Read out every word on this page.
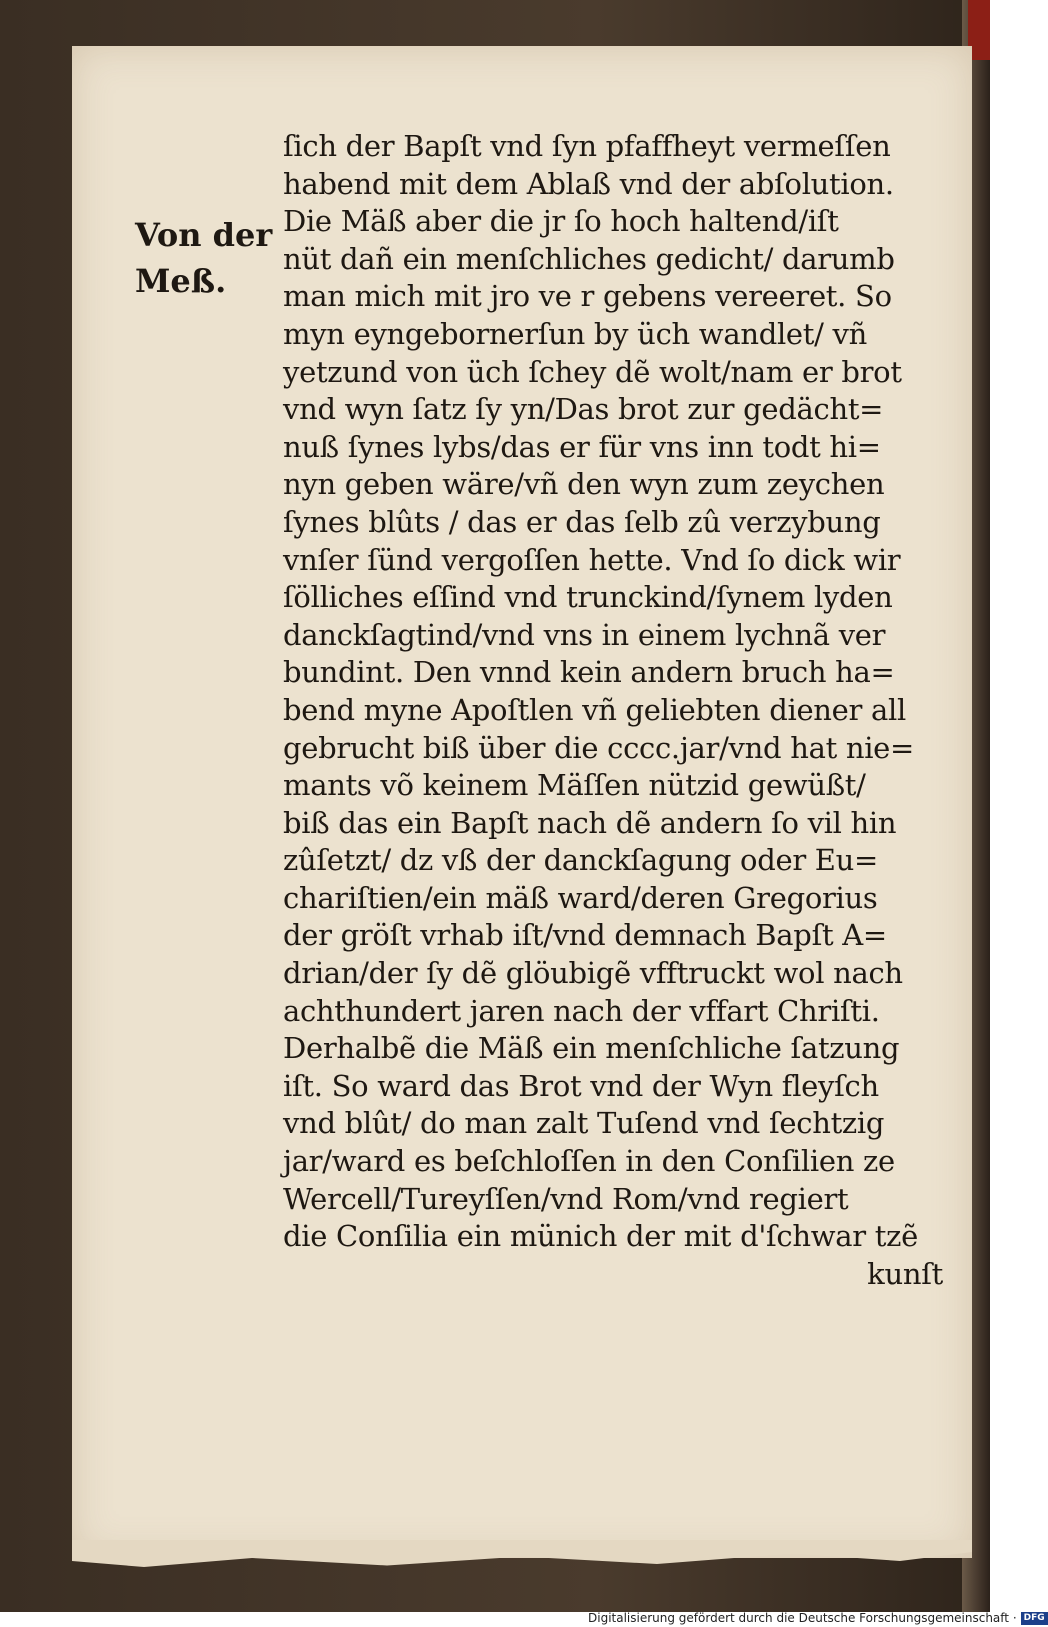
Von der Meß.

ſich der Bapſt vnd ſyn pfaffheyt vermeſſen
habend mit dem Ablaß vnd der abſolution.
Die Mäß aber die jr ſo hoch haltend/iſt
nüt dañ ein menſchliches gedicht/ darumb
man mich mit jro ve r gebens vereeret. So
myn eyngebornerſun by üch wandlet/ vñ
yetzund von üch ſchey dẽ wolt/nam er brot
vnd wyn ſatz ſy yn/Das brot zur gedächt=
nuß ſynes lybs/das er für vns inn todt hi=
nyn geben wäre/vñ den wyn zum zeychen
ſynes blûts / das er das ſelb zû verzybung
vnſer ſünd vergoſſen hette. Vnd ſo dick wir
ſölliches eſſind vnd trunckind/ſynem lyden
danckſagtind/vnd vns in einem lychnã ver
bundint. Den vnnd kein andern bruch ha=
bend myne Apoſtlen vñ geliebten diener all
gebrucht biß über die cccc.jar/vnd hat nie=
mants võ keinem Mäſſen nützid gewüßt/
biß das ein Bapſt nach dẽ andern ſo vil hin
zûſetzt/ dz vß der danckſagung oder Eu=
chariſtien/ein mäß ward/deren Gregorius
der gröſt vrhab iſt/vnd demnach Bapſt A=
drian/der ſy dẽ glöubigẽ vfftruckt wol nach
achthundert jaren nach der vffart Chriſti.
Derhalbẽ die Mäß ein menſchliche ſatzung
iſt. So ward das Brot vnd der Wyn fleyſch
vnd blût/ do man zalt Tuſend vnd ſechtzig
jar/ward es beſchloſſen in den Conſilien ze
Wercell/Tureyſſen/vnd Rom/vnd regiert
die Conſilia ein münich der mit d'ſchwar tzẽ
kunſt
Digitalisierung gefördert durch die Deutsche Forschungsgemeinschaft · DFG
